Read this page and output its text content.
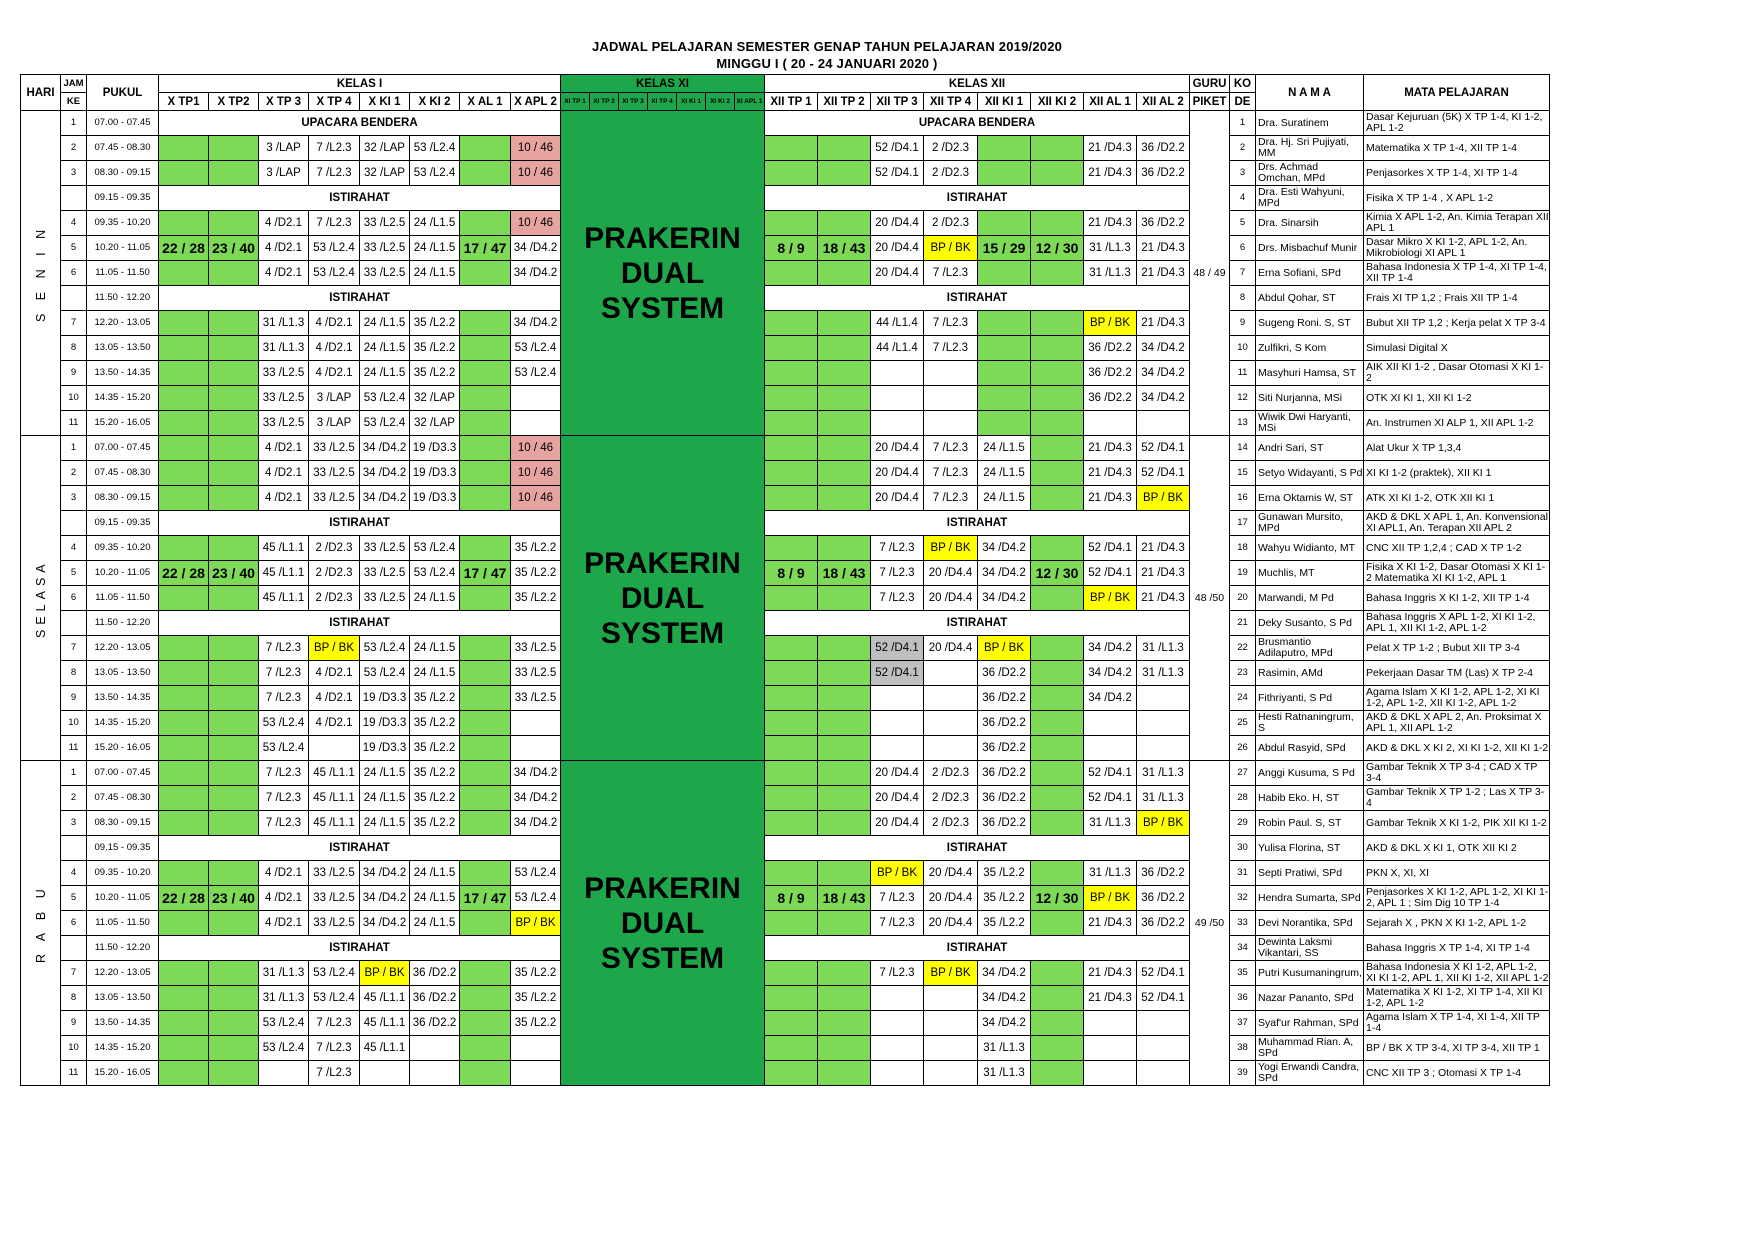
JADWAL PELAJARAN SEMESTER GENAP TAHUN PELAJARAN 2019/2020
MINGGU I ( 20 - 24 JANUARI 2020 )
HARI	JAM	PUKUL	KELAS I								KELAS XI							KELAS XII								GURU	KO	N A M A	MATA PELAJARAN
	KE		X TP1	X TP2	X TP 3	X TP 4	X KI 1	X KI 2	X AL 1	X APL 2	XI TP 1	XI TP 2	XI TP 3	XI TP 4	XI KI 1	XI KI 2	XI APL 1	XII TP 1	XII TP 2	XII TP 3	XII TP 4	XII KI 1	XII KI 2	XII AL 1	XII AL 2	PIKET	DE		
S E N I N	1	07.00 - 07.45	UPACARA BENDERA								PRAKERIN DUAL SYSTEM							UPACARA BENDERA								48 / 49	1	Dra. Suratinem	Dasar Kejuruan (5K) X TP 1-4, KI 1-2, APL 1-2
	2	07.45 - 08.30			3 /LAP	7 /L2.3	32 /LAP	53 /L2.4		10 / 46										52 /D4.1	2 /D2.3			21 /D4.3	36 /D2.2		2	Dra. Hj. Sri Pujiyati, MM	Matematika X TP 1-4, XII TP 1-4
	3	08.30 - 09.15			3 /LAP	7 /L2.3	32 /LAP	53 /L2.4		10 / 46										52 /D4.1	2 /D2.3			21 /D4.3	36 /D2.2		3	Drs. Achmad Omchan, MPd	Penjasorkes X TP 1-4, XI TP 1-4
		09.15 - 09.35	ISTIRAHAT															ISTIRAHAT									4	Dra. Esti Wahyuni, MPd	Fisika X TP 1-4 , X APL 1-2
	4	09.35 - 10.20			4 /D2.1	7 /L2.3	33 /L2.5	24 /L1.5		10 / 46										20 /D4.4	2 /D2.3			21 /D4.3	36 /D2.2		5	Dra. Sinarsih	Kimia X APL 1-2, An. Kimia Terapan XII APL 1
	5	10.20 - 11.05	22 / 28	23 / 40	4 /D2.1	53 /L2.4	33 /L2.5	24 /L1.5	17 / 47	34 /D4.2								8 / 9	18 / 43	20 /D4.4	BP / BK	15 / 29	12 / 30	31 /L1.3	21 /D4.3		6	Drs. Misbachuf Munir	Dasar Mikro X KI 1-2, APL 1-2, An. Mikrobiologi XI APL 1
	6	11.05 - 11.50			4 /D2.1	53 /L2.4	33 /L2.5	24 /L1.5		34 /D4.2										20 /D4.4	7 /L2.3			31 /L1.3	21 /D4.3		7	Erna Sofiani, SPd	Bahasa Indonesia X TP 1-4, XI TP 1-4, XII TP 1-4
		11.50 - 12.20	ISTIRAHAT															ISTIRAHAT									8	Abdul Qohar, ST	Frais XI TP 1,2 ; Frais XII TP 1-4
	7	12.20 - 13.05			31 /L1.3	4 /D2.1	24 /L1.5	35 /L2.2		34 /D4.2										44 /L1.4	7 /L2.3			BP / BK	21 /D4.3		9	Sugeng Roni. S, ST	Bubut XII TP 1,2 ; Kerja pelat X TP 3-4
	8	13.05 - 13.50			31 /L1.3	4 /D2.1	24 /L1.5	35 /L2.2		53 /L2.4										44 /L1.4	7 /L2.3			36 /D2.2	34 /D4.2		10	Zulfikri, S Kom	Simulasi Digital X
	9	13.50 - 14.35			33 /L2.5	4 /D2.1	24 /L1.5	35 /L2.2		53 /L2.4														36 /D2.2	34 /D4.2		11	Masyhuri Hamsa, ST	AIK XII KI 1-2 , Dasar Otomasi X KI 1-2
	10	14.35 - 15.20			33 /L2.5	3 /LAP	53 /L2.4	32 /LAP																36 /D2.2	34 /D4.2		12	Siti Nurjanna, MSi	OTK XI KI 1, XII KI 1-2
	11	15.20 - 16.05			33 /L2.5	3 /LAP	53 /L2.4	32 /LAP																			13	Wiwik Dwi Haryanti, MSi	An. Instrumen XI ALP 1, XII APL 1-2
SELASA	1	07.00 - 07.45			4 /D2.1	33 /L2.5	34 /D4.2	19 /D3.3		10 / 46	PRAKERIN DUAL SYSTEM									20 /D4.4	7 /L2.3	24 /L1.5		21 /D4.3	52 /D4.1	48 /50	14	Andri Sari, ST	Alat Ukur X TP 1,3,4
	2	07.45 - 08.30			4 /D2.1	33 /L2.5	34 /D4.2	19 /D3.3		10 / 46										20 /D4.4	7 /L2.3	24 /L1.5		21 /D4.3	52 /D4.1		15	Setyo Widayanti, S Pd	XI KI 1-2 (praktek), XII KI 1
	3	08.30 - 09.15			4 /D2.1	33 /L2.5	34 /D4.2	19 /D3.3		10 / 46										20 /D4.4	7 /L2.3	24 /L1.5		21 /D4.3	BP / BK		16	Erna Oktamis W, ST	ATK XI KI 1-2, OTK XII KI 1
		09.15 - 09.35	ISTIRAHAT															ISTIRAHAT									17	Gunawan Mursito, MPd	AKD & DKL X APL 1, An. Konvensional XI APL1, An. Terapan XII APL 2
	4	09.35 - 10.20			45 /L1.1	2 /D2.3	33 /L2.5	53 /L2.4		35 /L2.2										7 /L2.3	BP / BK	34 /D4.2		52 /D4.1	21 /D4.3		18	Wahyu Widianto, MT	CNC XII TP 1,2,4 ; CAD X TP 1-2
	5	10.20 - 11.05	22 / 28	23 / 40	45 /L1.1	2 /D2.3	33 /L2.5	53 /L2.4	17 / 47	35 /L2.2								8 / 9	18 / 43	7 /L2.3	20 /D4.4	34 /D4.2	12 / 30	52 /D4.1	21 /D4.3		19	Muchlis, MT	Fisika X KI 1-2, Dasar Otomasi X KI 1-2 Matematika XI KI 1-2, APL 1
	6	11.05 - 11.50			45 /L1.1	2 /D2.3	33 /L2.5	24 /L1.5		35 /L2.2										7 /L2.3	20 /D4.4	34 /D4.2		BP / BK	21 /D4.3		20	Marwandi, M Pd	Bahasa Inggris X KI 1-2, XII TP 1-4
		11.50 - 12.20	ISTIRAHAT															ISTIRAHAT									21	Deky Susanto, S Pd	Bahasa Inggris X APL 1-2, XI KI 1-2, APL 1, XII KI 1-2, APL 1-2
	7	12.20 - 13.05			7 /L2.3	BP / BK	53 /L2.4	24 /L1.5		33 /L2.5										52 /D4.1	20 /D4.4	BP / BK		34 /D4.2	31 /L1.3		22	Brusmantio Adilaputro, MPd	Pelat X TP 1-2 ; Bubut XII TP 3-4
	8	13.05 - 13.50			7 /L2.3	4 /D2.1	53 /L2.4	24 /L1.5		33 /L2.5										52 /D4.1		36 /D2.2		34 /D4.2	31 /L1.3		23	Rasimin, AMd	Pekerjaan Dasar TM (Las) X TP 2-4
	9	13.50 - 14.35			7 /L2.3	4 /D2.1	19 /D3.3	35 /L2.2		33 /L2.5												36 /D2.2		34 /D4.2			24	Fithriyanti, S Pd	Agama Islam X KI 1-2, APL 1-2, XI KI 1-2, APL 1-2, XII KI 1-2, APL 1-2
	10	14.35 - 15.20			53 /L2.4	4 /D2.1	19 /D3.3	35 /L2.2														36 /D2.2					25	Hesti Ratnaningrum, S	AKD & DKL X APL 2, An. Proksimat X APL 1, XII APL 1-2
	11	15.20 - 16.05			53 /L2.4		19 /D3.3	35 /L2.2														36 /D2.2					26	Abdul Rasyid, SPd	AKD & DKL X KI 2, XI KI 1-2, XII KI 1-2
R A B U	1	07.00 - 07.45			7 /L2.3	45 /L1.1	24 /L1.5	35 /L2.2		34 /D4.2	PRAKERIN DUAL SYSTEM									20 /D4.4	2 /D2.3	36 /D2.2		52 /D4.1	31 /L1.3	49 /50	27	Anggi Kusuma, S Pd	Gambar Teknik X TP 3-4 ; CAD X TP 3-4
	2	07.45 - 08.30			7 /L2.3	45 /L1.1	24 /L1.5	35 /L2.2		34 /D4.2										20 /D4.4	2 /D2.3	36 /D2.2		52 /D4.1	31 /L1.3		28	Habib Eko. H, ST	Gambar Teknik X TP 1-2 ; Las X TP 3-4
	3	08.30 - 09.15			7 /L2.3	45 /L1.1	24 /L1.5	35 /L2.2		34 /D4.2										20 /D4.4	2 /D2.3	36 /D2.2		31 /L1.3	BP / BK		29	Robin Paul. S, ST	Gambar Teknik X KI 1-2, PIK XII KI 1-2
		09.15 - 09.35	ISTIRAHAT															ISTIRAHAT									30	Yulisa Florina, ST	AKD & DKL X KI 1, OTK XII KI 2
	4	09.35 - 10.20			4 /D2.1	33 /L2.5	34 /D4.2	24 /L1.5		53 /L2.4										BP / BK	20 /D4.4	35 /L2.2		31 /L1.3	36 /D2.2		31	Septi Pratiwi, SPd	PKN X, XI, XI
	5	10.20 - 11.05	22 / 28	23 / 40	4 /D2.1	33 /L2.5	34 /D4.2	24 /L1.5	17 / 47	53 /L2.4								8 / 9	18 / 43	7 /L2.3	20 /D4.4	35 /L2.2	12 / 30	BP / BK	36 /D2.2		32	Hendra Sumarta, SPd	Penjasorkes X KI 1-2, APL 1-2, XI KI 1-2, APL 1 ; Sim Dig 10 TP 1-4
	6	11.05 - 11.50			4 /D2.1	33 /L2.5	34 /D4.2	24 /L1.5		BP / BK										7 /L2.3	20 /D4.4	35 /L2.2		21 /D4.3	36 /D2.2		33	Devi Norantika, SPd	Sejarah X , PKN X KI 1-2, APL 1-2
		11.50 - 12.20	ISTIRAHAT															ISTIRAHAT									34	Dewinta Laksmi Vikantari, SS	Bahasa Inggris X TP 1-4, XI TP 1-4
	7	12.20 - 13.05			31 /L1.3	53 /L2.4	BP / BK	36 /D2.2		35 /L2.2										7 /L2.3	BP / BK	34 /D4.2		21 /D4.3	52 /D4.1		35	Putri Kusumaningrum,	Bahasa Indonesia X KI 1-2, APL 1-2, XI KI 1-2, APL 1, XII KI 1-2, XII APL 1-2
	8	13.05 - 13.50			31 /L1.3	53 /L2.4	45 /L1.1	36 /D2.2		35 /L2.2												34 /D4.2		21 /D4.3	52 /D4.1		36	Nazar Pananto, SPd	Matematika X KI 1-2, XI TP 1-4, XII KI 1-2, APL 1-2
	9	13.50 - 14.35			53 /L2.4	7 /L2.3	45 /L1.1	36 /D2.2		35 /L2.2												34 /D4.2					37	Syaf'ur Rahman, SPd	Agama Islam X TP 1-4, XI 1-4, XII TP 1-4
	10	14.35 - 15.20			53 /L2.4	7 /L2.3	45 /L1.1															31 /L1.3					38	Muhammad Rian. A, SPd	BP / BK X TP 3-4, XI TP 3-4, XII TP 1
	11	15.20 - 16.05				7 /L2.3																31 /L1.3					39	Yogi Erwandi Candra, SPd	CNC XII TP 3 ; Otomasi X TP 1-4
